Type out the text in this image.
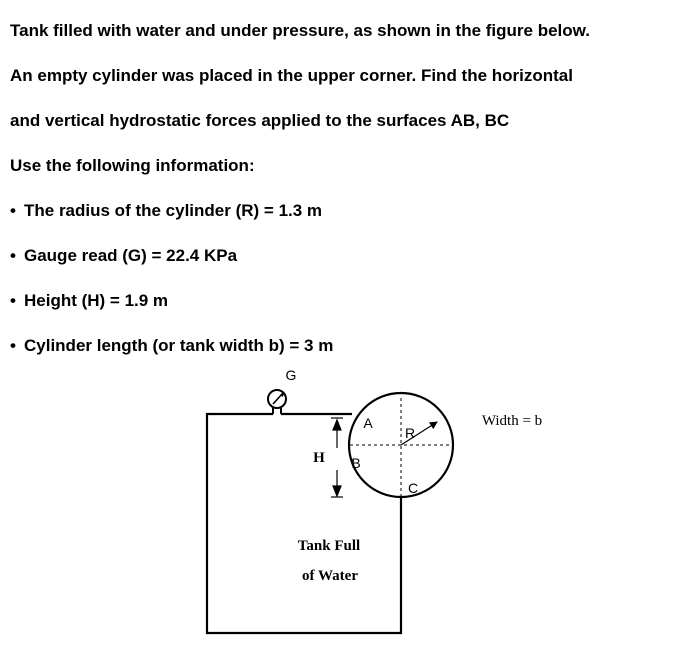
Tank filled with water and under pressure, as shown in the figure below.
An empty cylinder was placed in the upper corner. Find the horizontal
and vertical hydrostatic forces applied to the surfaces AB, BC
Use the following information:
• The radius of the cylinder (R) = 1.3 m
• Gauge read (G) = 22.4 KPa
• Height (H) = 1.9 m
• Cylinder length (or tank width b) = 3 m
G
A
B
C
R
H
Width = b
Tank Full
of Water
